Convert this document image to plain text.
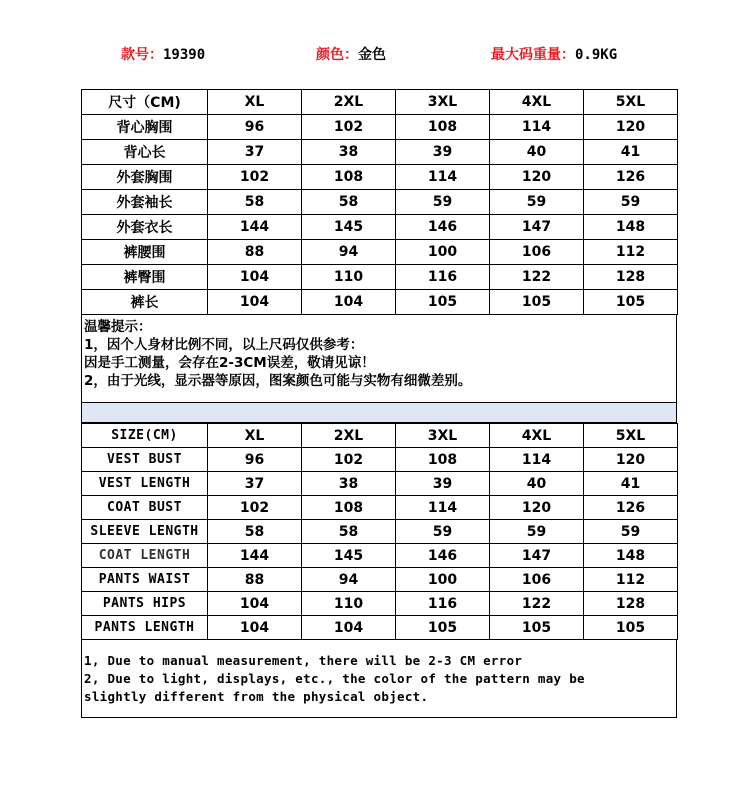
款号：19390	颜色：金色	最大码重量：0.9KG
尺寸（CM)	XL	2XL	3XL	4XL	5XL
背心胸围	96	102	108	114	120
背心长	37	38	39	40	41
外套胸围	102	108	114	120	126
外套袖长	58	58	59	59	59
外套衣长	144	145	146	147	148
裤腰围	88	94	100	106	112
裤臀围	104	110	116	122	128
裤长	104	104	105	105	105
温馨提示：
1，因个人身材比例不同，以上尺码仅供参考：
因是手工测量，会存在2-3CM误差，敬请见谅！
2，由于光线，显示器等原因，图案颜色可能与实物有细微差别。
SIZE(CM)	XL	2XL	3XL	4XL	5XL
VEST BUST	96	102	108	114	120
VEST LENGTH	37	38	39	40	41
COAT BUST	102	108	114	120	126
SLEEVE LENGTH	58	58	59	59	59
COAT LENGTH	144	145	146	147	148
PANTS WAIST	88	94	100	106	112
PANTS HIPS	104	110	116	122	128
PANTS LENGTH	104	104	105	105	105
1, Due to manual measurement, there will be 2-3 CM error
2, Due to light, displays, etc., the color of the pattern may be
slightly different from the physical object.
